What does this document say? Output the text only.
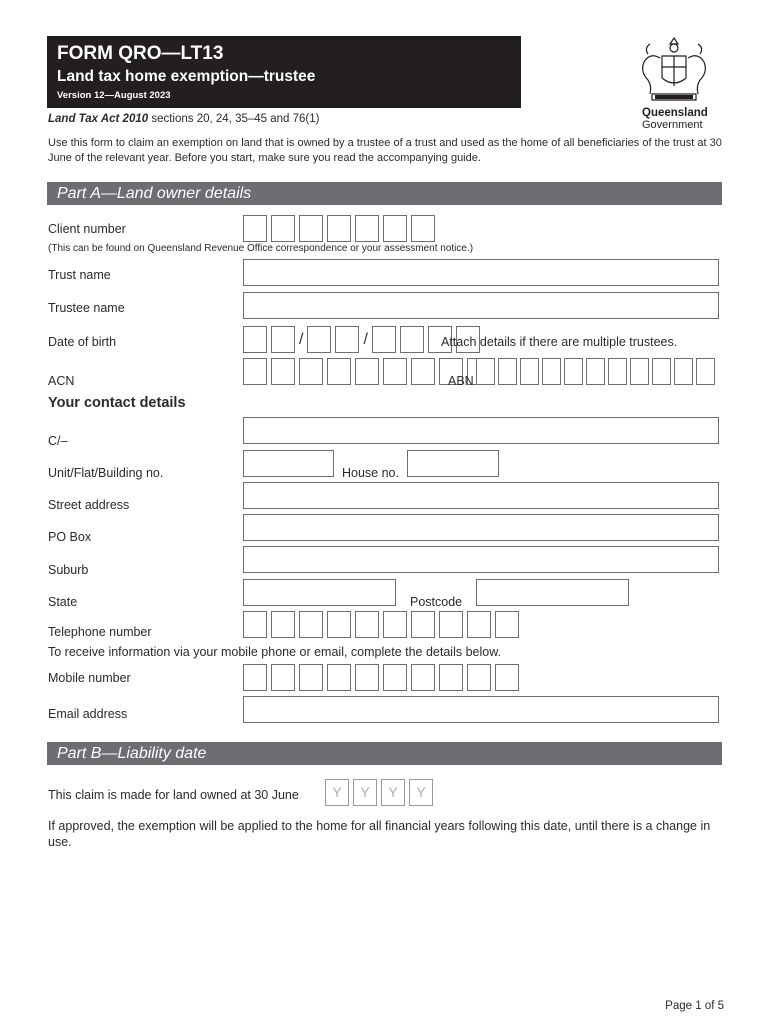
FORM QRO—LT13
Land tax home exemption—trustee
Version 12—August 2023
Queensland
Government
Land Tax Act 2010 sections 20, 24, 35–45 and 76(1)
Use this form to claim an exemption on land that is owned by a trustee of a trust and used as the home of all beneficiaries of the trust at 30 June of the relevant year. Before you start, make sure you read the accompanying guide.
Part A—Land owner details
Client number
(This can be found on Queensland Revenue Office correspondence or your assessment notice.)
Trust name
Trustee name
Date of birth	/	/	Attach details if there are multiple trustees.
ACN	ABN
Your contact details
C/–
Unit/Flat/Building no.	House no.
Street address
PO Box
Suburb
State	Postcode
Telephone number
To receive information via your mobile phone or email, complete the details below.
Mobile number
Email address
Part B—Liability date
This claim is made for land owned at 30 June	Y	Y	Y	Y
If approved, the exemption will be applied to the home for all financial years following this date, until there is a change in use.
Page 1 of 5
